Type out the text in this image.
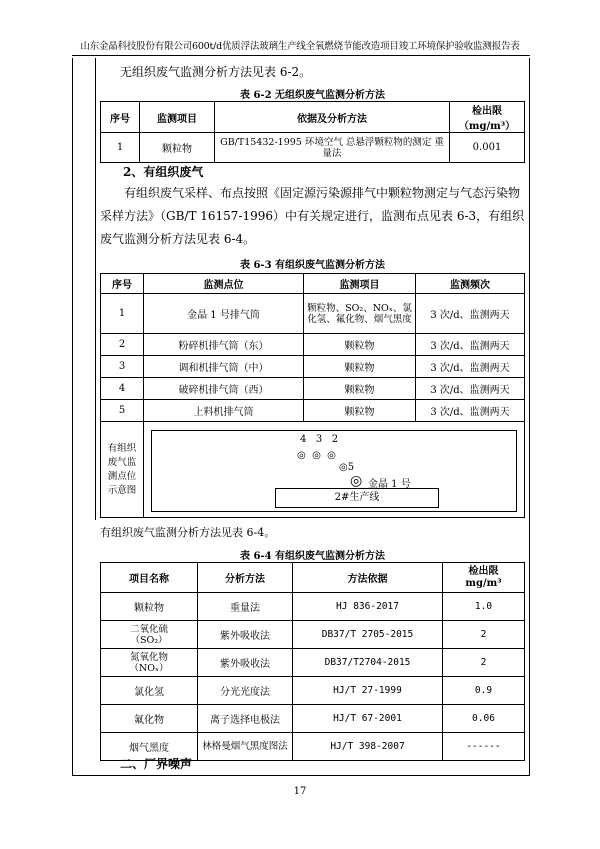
山东金晶科技股份有限公司600t/d优质浮法玻璃生产线全氧燃烧节能改造项目竣工环境保护验收监测报告表
无组织废气监测分析方法见表 6-2。
表 6-2 无组织废气监测分析方法
序号	监测项目	依据及分析方法	检出限
（mg/m³）
1	颗粒物	GB/T15432-1995 环境空气 总悬浮颗粒物的测定 重量法	0.001
2、有组织废气
有组织废气采样、布点按照《固定源污染源排气中颗粒物测定与气态污染物采样方法》（GB/T 16157-1996）中有关规定进行，监测布点见表 6-3，有组织废气监测分析方法见表 6-4。
表 6-3 有组织废气监测分析方法
序号	监测点位	监测项目	监测频次
1	金晶 1 号排气筒	颗粒物、SO₂、NOₓ、氯化氢、氟化物、烟气黑度	3 次/d、监测两天
2	粉碎机排气筒（东）	颗粒物	3 次/d、监测两天
3	调和机排气筒（中）	颗粒物	3 次/d、监测两天
4	破碎机排气筒（西）	颗粒物	3 次/d、监测两天
5	上料机排气筒	颗粒物	3 次/d、监测两天
有组织废气监测点位示意图			
4   3   2
◎  ◎  ◎
◎5
◎ 金晶 1 号
2#生产线
有组织废气监测分析方法见表 6-4。
表 6-4 有组织废气监测分析方法
项目名称	分析方法	方法依据	检出限
mg/m³
颗粒物	重量法	HJ 836-2017	1.0
二氧化硫
（SO₂）	紫外吸收法	DB37/T 2705-2015	2
氮氧化物
（NOₓ）	紫外吸收法	DB37/T2704-2015	2
氯化氢	分光光度法	HJ/T 27-1999	0.9
氟化物	离子选择电极法	HJ/T 67-2001	0.06
烟气黑度	林格曼烟气黑度图法	HJ/T 398-2007	------
二、厂界噪声
17
